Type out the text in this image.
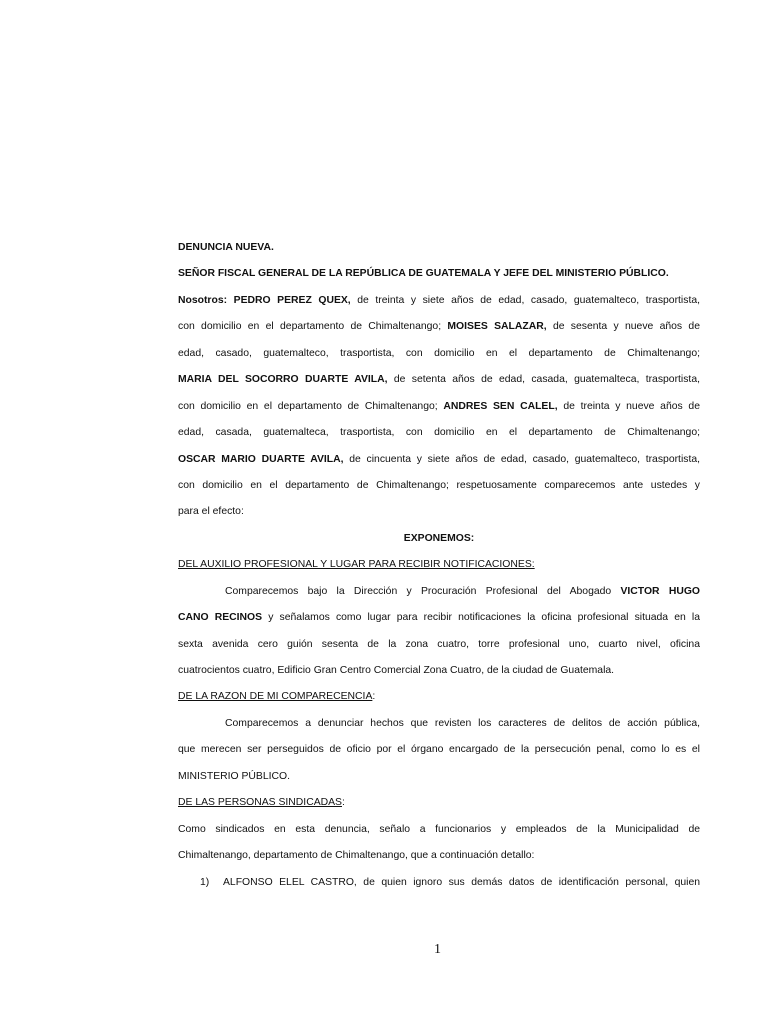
DENUNCIA NUEVA.
SEÑOR FISCAL GENERAL DE LA REPÚBLICA DE GUATEMALA Y JEFE DEL MINISTERIO PÚBLICO.
Nosotros: PEDRO PEREZ QUEX, de treinta y siete años de edad, casado, guatemalteco, trasportista,
con domicilio en el departamento de Chimaltenango; MOISES SALAZAR, de sesenta y nueve años de
edad, casado, guatemalteco, trasportista, con domicilio en el departamento de Chimaltenango;
MARIA DEL SOCORRO DUARTE AVILA, de setenta años de edad, casada, guatemalteca, trasportista,
con domicilio en el departamento de Chimaltenango; ANDRES SEN CALEL, de treinta y nueve años de
edad, casada, guatemalteca, trasportista, con domicilio en el departamento de Chimaltenango;
OSCAR MARIO DUARTE AVILA, de cincuenta y siete años de edad, casado, guatemalteco, trasportista,
con domicilio en el departamento de Chimaltenango; respetuosamente comparecemos ante ustedes y
para el efecto:
EXPONEMOS:
DEL AUXILIO PROFESIONAL Y LUGAR PARA RECIBIR NOTIFICACIONES:
Comparecemos bajo la Dirección y Procuración Profesional del Abogado VICTOR HUGO
CANO RECINOS y señalamos como lugar para recibir notificaciones la oficina profesional situada en la
sexta avenida cero guión sesenta de la zona cuatro, torre profesional uno, cuarto nivel, oficina
cuatrocientos cuatro, Edificio Gran Centro Comercial Zona Cuatro, de la ciudad de Guatemala.
DE LA RAZON DE MI COMPARECENCIA:
Comparecemos a denunciar hechos que revisten los caracteres de delitos de acción pública,
que merecen ser perseguidos de oficio por el órgano encargado de la persecución penal, como lo es el
MINISTERIO PÚBLICO.
DE LAS PERSONAS SINDICADAS:
Como sindicados en esta denuncia, señalo a funcionarios y empleados de la Municipalidad de
Chimaltenango, departamento de Chimaltenango, que a continuación detallo:
1) ALFONSO ELEL CASTRO, de quien ignoro sus demás datos de identificación personal, quien
1
